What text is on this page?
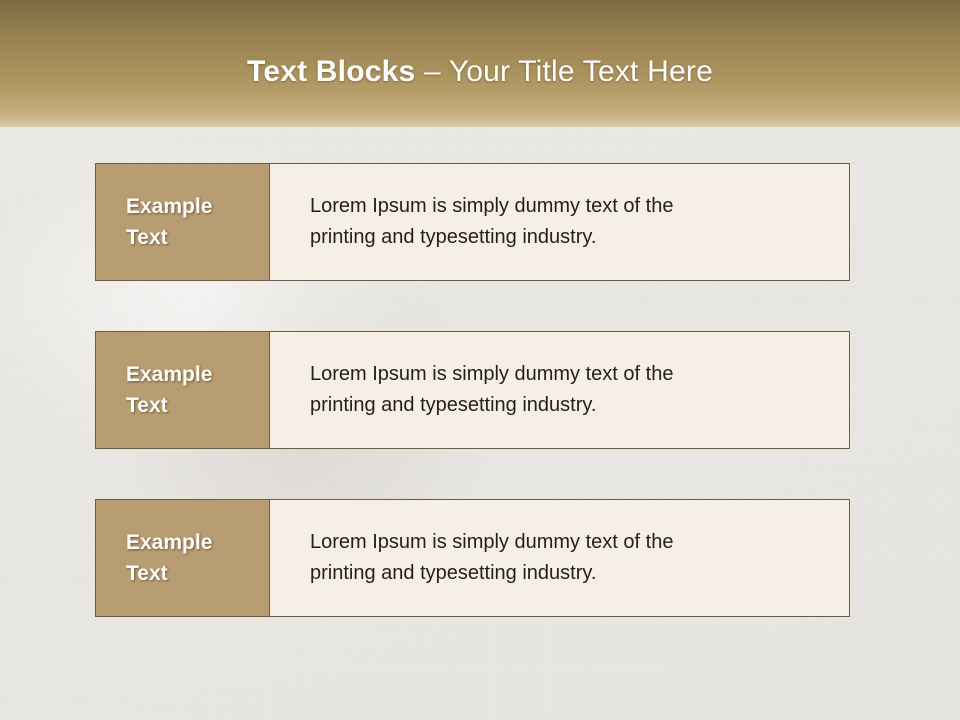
Text Blocks – Your Title Text Here
Example
Text

Lorem Ipsum is simply dummy text of the

printing and typesetting industry.

Example
Text

Lorem Ipsum is simply dummy text of the

printing and typesetting industry.

Example
Text

Lorem Ipsum is simply dummy text of the

printing and typesetting industry.
